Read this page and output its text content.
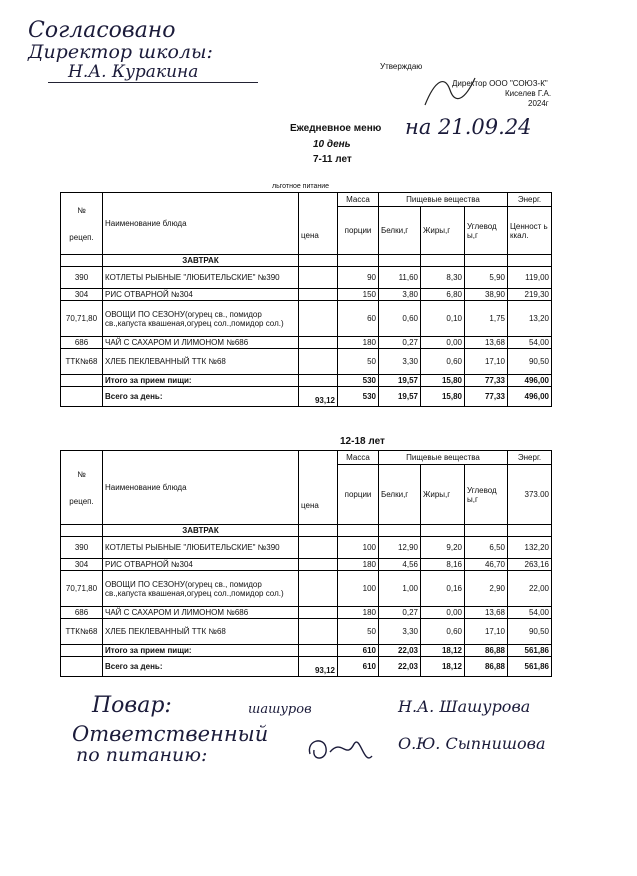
Согласовано
Директор школы:
Н.А. Куракина	Утверждаю
Директор ООО "СОЮЗ-К"
Киселев Г.А.
2024г
Ежедневное меню на 21.09.24
10 день
7-11 лет
льготное питание
№

рецеп.	Наименование блюда	цена	Масса	Пищевые вещества			Энерг.
			порции	Белки,г	Жиры,г	Углевод ы,г	Ценност ь ккал.
	ЗАВТРАК						
390	КОТЛЕТЫ РЫБНЫЕ "ЛЮБИТЕЛЬСКИЕ" №390		90	11,60	8,30	5,90	119,00
304	РИС ОТВАРНОЙ №304		150	3,80	6,80	38,90	219,30
70,71,80	ОВОЩИ ПО СЕЗОНУ(огурец св., помидор св.,капуста квашеная,огурец сол.,помидор сол.)		60	0,60	0,10	1,75	13,20
686	ЧАЙ С САХАРОМ И ЛИМОНОМ №686		180	0,27	0,00	13,68	54,00
ТТК№68	ХЛЕБ ПЕКЛЕВАННЫЙ ТТК №68		50	3,30	0,60	17,10	90,50
	Итого за прием пищи:		530	19,57	15,80	77,33	496,00
	Всего за день:	93,12	530	19,57	15,80	77,33	496,00
12-18 лет
№

рецеп.	Наименование блюда	цена	Масса	Пищевые вещества			Энерг.
			порции	Белки,г	Жиры,г	Углевод ы,г	373.00
	ЗАВТРАК						
390	КОТЛЕТЫ РЫБНЫЕ "ЛЮБИТЕЛЬСКИЕ" №390		100	12,90	9,20	6,50	132,20
304	РИС ОТВАРНОЙ №304		180	4,56	8,16	46,70	263,16
70,71,80	ОВОЩИ ПО СЕЗОНУ(огурец св., помидор св.,капуста квашеная,огурец сол.,помидор сол.)		100	1,00	0,16	2,90	22,00
686	ЧАЙ С САХАРОМ И ЛИМОНОМ №686		180	0,27	0,00	13,68	54,00
ТТК№68	ХЛЕБ ПЕКЛЕВАННЫЙ ТТК №68		50	3,30	0,60	17,10	90,50
	Итого за прием пищи:		610	22,03	18,12	86,88	561,86
	Всего за день:	93,12	610	22,03	18,12	86,88	561,86
Повар:	шашуров	Н.А. Шашурова
Ответственный
по питанию:
О.Ю. Сыпнишова
